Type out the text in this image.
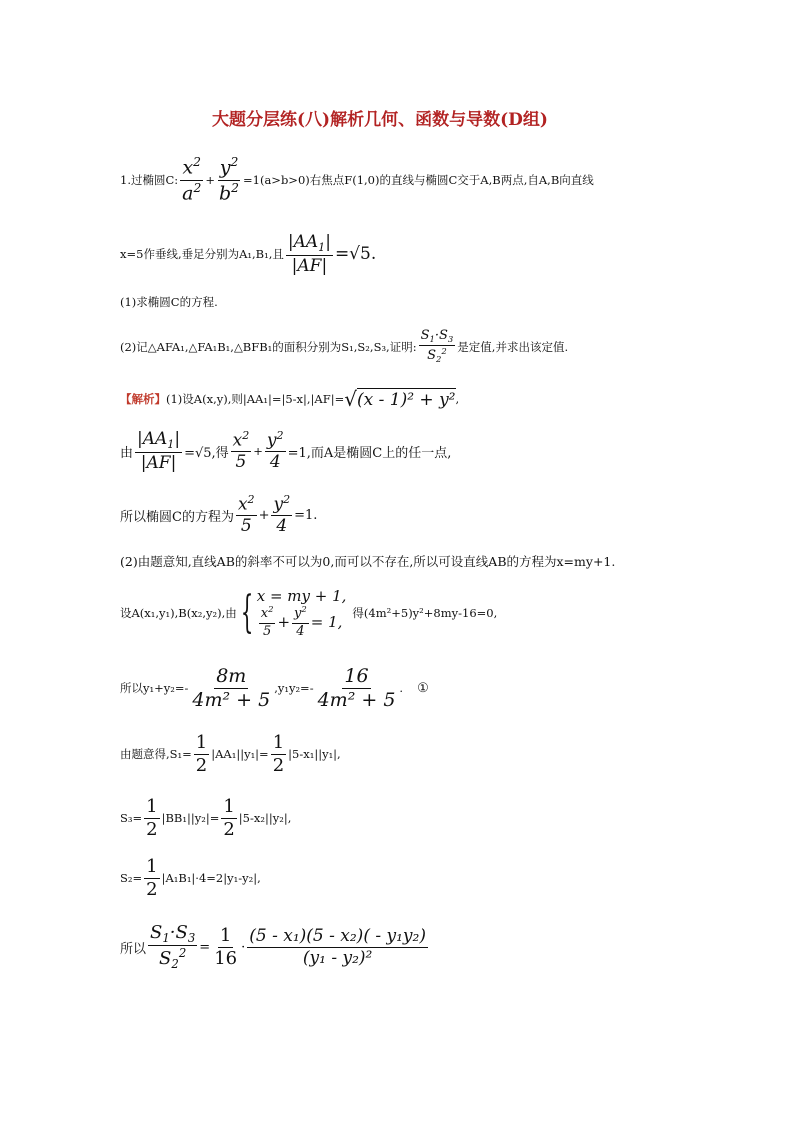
大题分层练(八)解析几何、函数与导数(D组)
1.过椭圆C: $\frac{x^2}{a^2} + \frac{y^2}{b^2} =1(a>b>0)$右焦点F(1,0)的直线与椭圆C交于A,B两点,自A,B向直线
x=5作垂线,垂足分别为A₁,B₁,且 $\frac{|AA_1|}{|AF|} =√5$.
(1)求椭圆C的方程.
(2)记△AFA₁,△FA₁B₁,△BFB₁的面积分别为S₁,S₂,S₃,证明: $\frac{S_1\cdot S_3}{S_2^2}$ 是定值,并求出该定值.
【解析】 (1)设A(x,y),则|AA₁|=|5-x|,|AF|= √ (x - 1)² + y² ,
由 $\frac{|AA_1|}{|AF|} =√5$,得 $\frac{x^2}{5} + \frac{y^2}{4} =1$,而A是椭圆C上的任一点,
所以椭圆C的方程为 $\frac{x^2}{5} + \frac{y^2}{4} =1$.
(2)由题意知,直线AB的斜率不可以为0,而可以不存在,所以可设直线AB的方程为x=my+1.
设A(x₁,y₁),B(x₂,y₂),由 { x = my + 1,
$\frac{x^2}{5} + \frac{y^2}{4} = 1$, 得(4m²+5)y²+8my-16=0,
所以$y_1+y_2=- \frac{8m}{\text{4m² + 5}} ,y_1y_2=- \frac{16}{\text{4m² + 5}}$ . ①
由题意得$,S_1= \frac{1}{2} |AA_1||y_1|= \frac{1}{2} |5-x_1||y_1|$,
$S_3= \frac{1}{2} |BB_1||y_2|= \frac{1}{2} |5-x_2||y_2|$,
$S_2= \frac{1}{2} |A_1B_1|\cdot 4=2|y_1-y_2|$,
所以 $\frac{S_1\cdot S_3}{S_2^2} = \frac{1}{16} \cdot \frac{\text{(5 - x₁)(5 - x₂)( - y₁y₂)}}{\text{(y₁ - y₂)²}}$
